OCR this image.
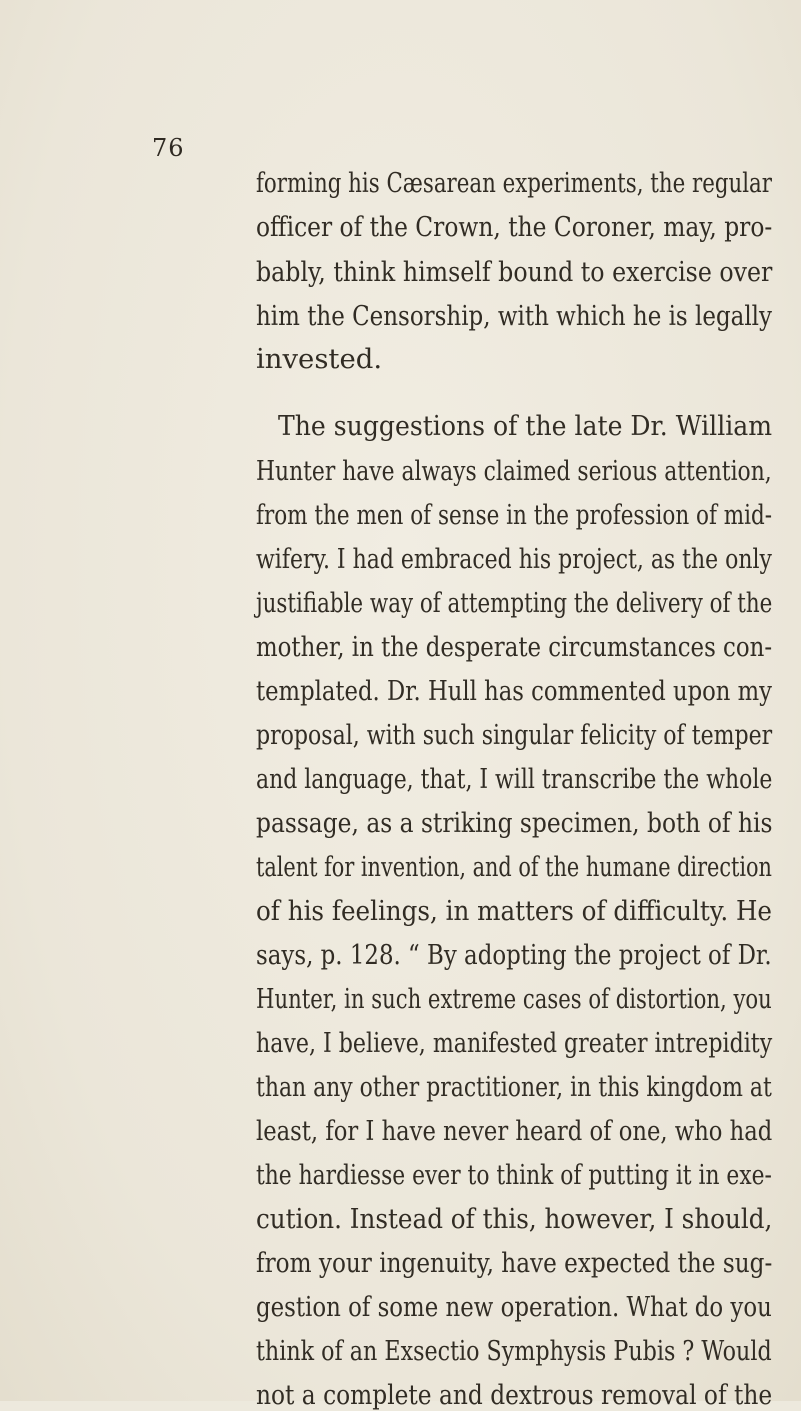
76
forming his Cæsarean experiments, the regular
officer of the Crown, the Coroner, may, pro-
bably, think himself bound to exercise over
him the Censorship, with which he is legally
invested.
The suggestions of the late Dr. William
Hunter have always claimed serious attention,
from the men of sense in the profession of mid-
wifery. I had embraced his project, as the only
justifiable way of attempting the delivery of the
mother, in the desperate circumstances con-
templated. Dr. Hull has commented upon my
proposal, with such singular felicity of temper
and language, that, I will transcribe the whole
passage, as a striking specimen, both of his
talent for invention, and of the humane direction
of his feelings, in matters of difficulty. He
says, p. 128. “ By adopting the project of Dr.
Hunter, in such extreme cases of distortion, you
have, I believe, manifested greater intrepidity
than any other practitioner, in this kingdom at
least, for I have never heard of one, who had
the hardiesse ever to think of putting it in exe-
cution. Instead of this, however, I should,
from your ingenuity, have expected the sug-
gestion of some new operation. What do you
think of an Exsectio Symphysis Pubis ? Would
not a complete and dextrous removal of the
